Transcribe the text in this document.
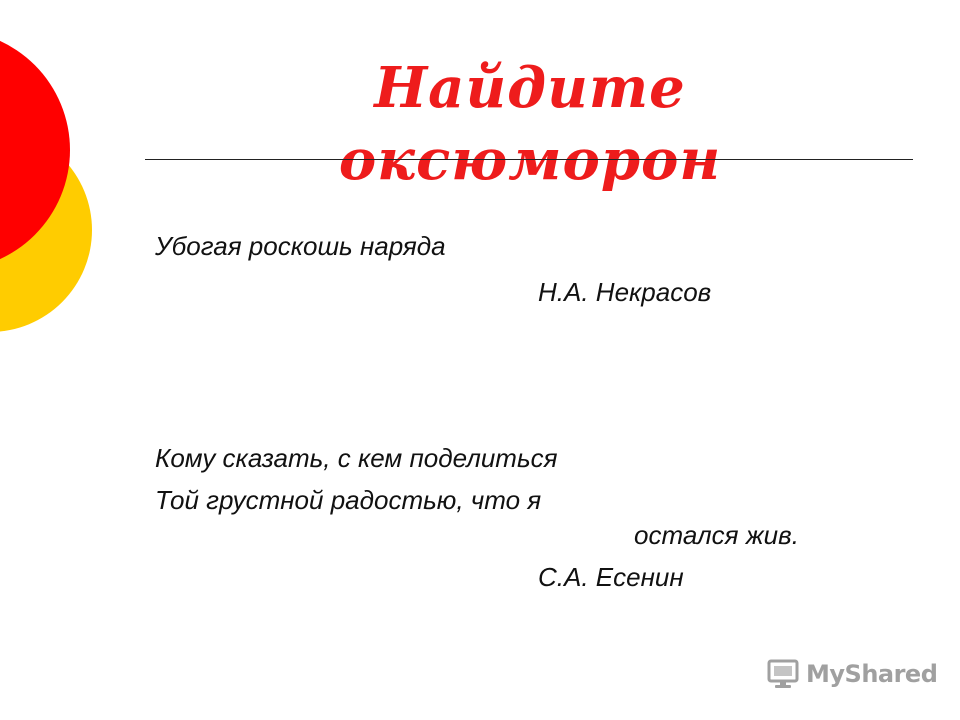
Найдите
оксюморон
Убогая роскошь наряда
Н.А. Некрасов
Кому сказать, с кем поделиться
Той грустной радостью, что я
остался жив.
С.А. Есенин
MyShared
